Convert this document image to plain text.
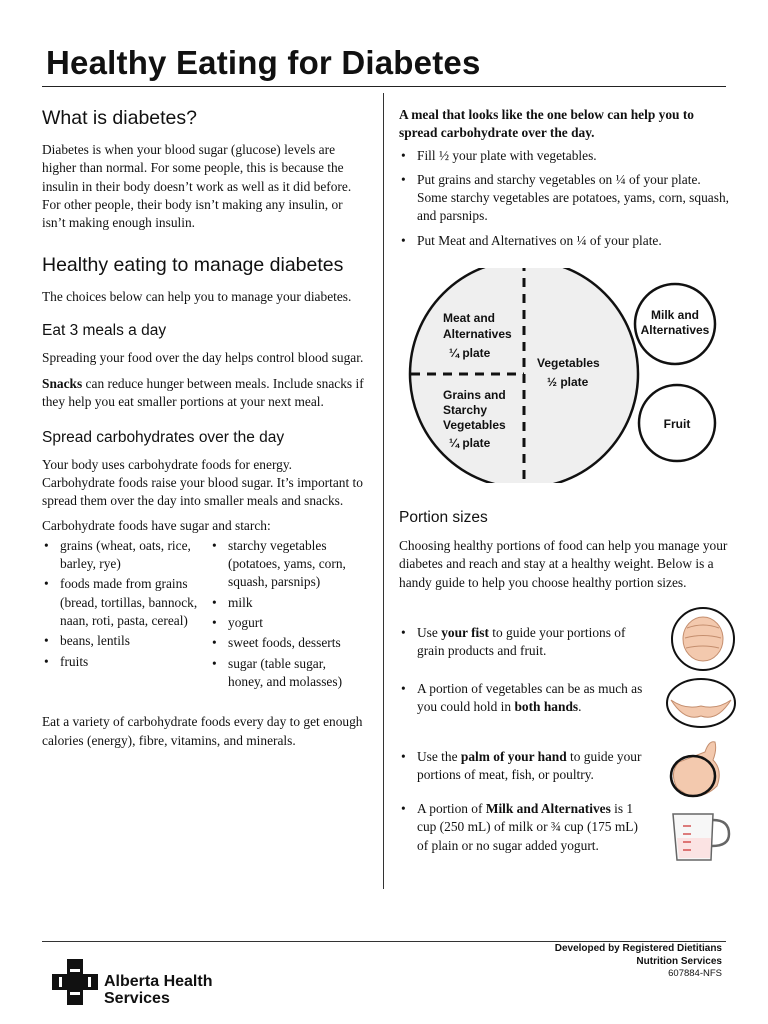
Healthy Eating for Diabetes
What is diabetes?

Diabetes is when your blood sugar (glucose) levels are higher than normal. For some people, this is because the insulin in their body doesn’t work as well as it did before. For other people, their body isn’t making any insulin, or isn’t making enough insulin.

Healthy eating to manage diabetes

The choices below can help you to manage your diabetes.

Eat 3 meals a day

Spreading your food over the day helps control blood sugar.

Snacks can reduce hunger between meals. Include snacks if they help you eat smaller portions at your next meal.

Spread carbohydrates over the day

Your body uses carbohydrate foods for energy. Carbohydrate foods raise your blood sugar. It’s important to spread them over the day into smaller meals and snacks.

Carbohydrate foods have sugar and starch:

• grains (wheat, oats, rice, barley, rye)
• foods made from grains (bread, tortillas, bannock, naan, roti, pasta, cereal)
• beans, lentils
• fruits
• starchy vegetables (potatoes, yams, corn, squash, parsnips)
• milk
• yogurt
• sweet foods, desserts
• sugar (table sugar, honey, and molasses)

Eat a variety of carbohydrate foods every day to get enough calories (energy), fibre, vitamins, and minerals.

A meal that looks like the one below can help you to spread carbohydrate over the day.

• Fill ½ your plate with vegetables.
• Put grains and starchy vegetables on ¼ of your plate. Some starchy vegetables are potatoes, yams, corn, squash, and parsnips.
• Put Meat and Alternatives on ¼ of your plate.
Meat and
Alternatives
¼ plate
Grains and
Starchy
Vegetables
¼ plate
Vegetables
½ plate
Milk and
Alternatives
Fruit
Portion sizes

Choosing healthy portions of food can help you manage your diabetes and reach and stay at a healthy weight. Below is a handy guide to help you choose healthy portion sizes.

• Use your fist to guide your portions of grain products and fruit.
• A portion of vegetables can be as much as you could hold in both hands.
• Use the palm of your hand to guide your portions of meat, fish, or poultry.
• A portion of Milk and Alternatives is 1 cup (250 mL) of milk or ¾ cup (175 mL) of plain or no sugar added yogurt.
Developed by Registered Dietitians
Nutrition Services
607884-NFS
Alberta Health
Services
